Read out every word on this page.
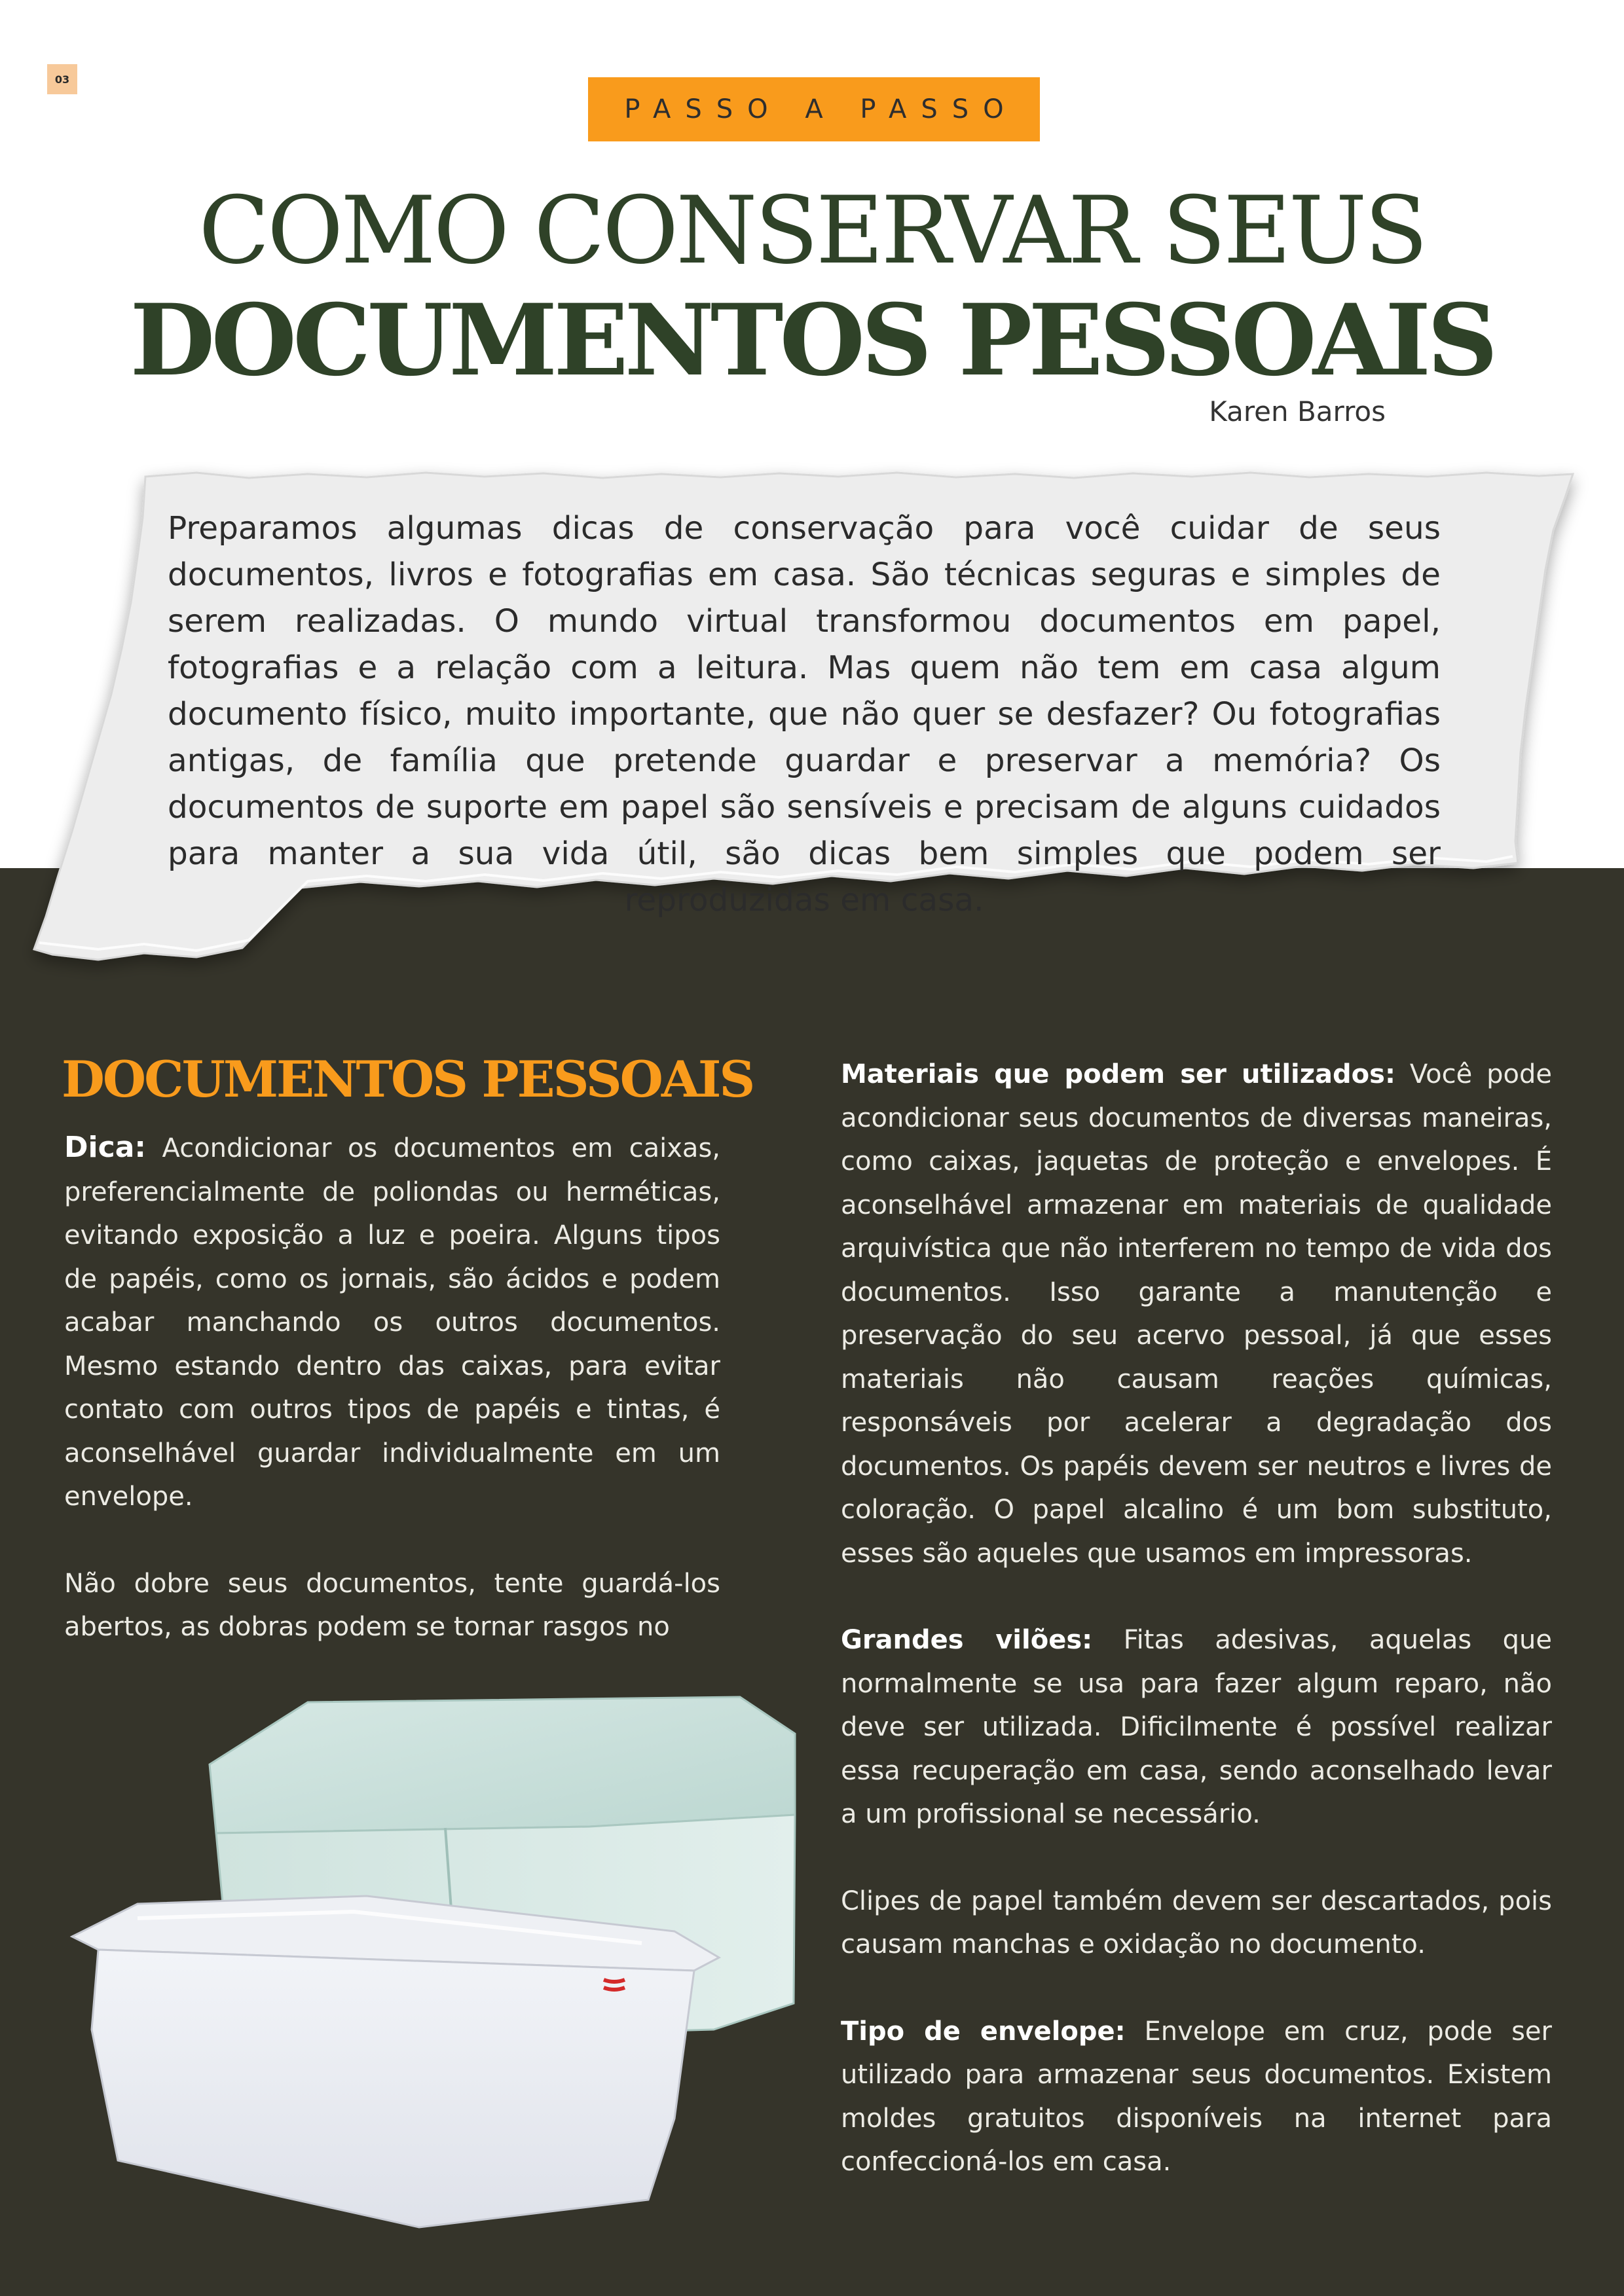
03
PASSO A PASSO
COMO CONSERVAR SEUS
DOCUMENTOS PESSOAIS
Karen Barros
Preparamos algumas dicas de conservação para você cuidar de seus documentos, livros e fotografias em casa. São técnicas seguras e simples de serem realizadas. O mundo virtual transformou documentos em papel, fotografias e a relação com a leitura. Mas quem não tem em casa algum documento físico, muito importante, que não quer se desfazer? Ou fotografias antigas, de família que pretende guardar e preservar a memória? Os documentos de suporte em papel são sensíveis e precisam de alguns cuidados para manter a sua vida útil, são dicas bem simples que podem ser reproduzidas em casa.
DOCUMENTOS PESSOAIS

Dica: Acondicionar os documentos em caixas, preferencialmente de poliondas ou herméticas, evitando exposição a luz e poeira. Alguns tipos de papéis, como os jornais, são ácidos e podem acabar manchando os outros documentos. Mesmo estando dentro das caixas, para evitar contato com outros tipos de papéis e tintas, é aconselhável guardar individualmente em um envelope.

Não dobre seus documentos, tente guardá-los abertos, as dobras podem se tornar rasgos no

Materiais que podem ser utilizados: Você pode acondicionar seus documentos de diversas maneiras, como caixas, jaquetas de proteção e envelopes. É aconselhável armazenar em materiais de qualidade arquivística que não interferem no tempo de vida dos documentos. Isso garante a manutenção e preservação do seu acervo pessoal, já que esses materiais não causam reações químicas, responsáveis por acelerar a degradação dos documentos. Os papéis devem ser neutros e livres de coloração. O papel alcalino é um bom substituto, esses são aqueles que usamos em impressoras.

Grandes vilões: Fitas adesivas, aquelas que normalmente se usa para fazer algum reparo, não deve ser utilizada. Dificilmente é possível realizar essa recuperação em casa, sendo aconselhado levar a um profissional se necessário.

Clipes de papel também devem ser descartados, pois causam manchas e oxidação no documento.

Tipo de envelope: Envelope em cruz, pode ser utilizado para armazenar seus documentos. Existem moldes gratuitos disponíveis na internet para confeccioná-los em casa.
